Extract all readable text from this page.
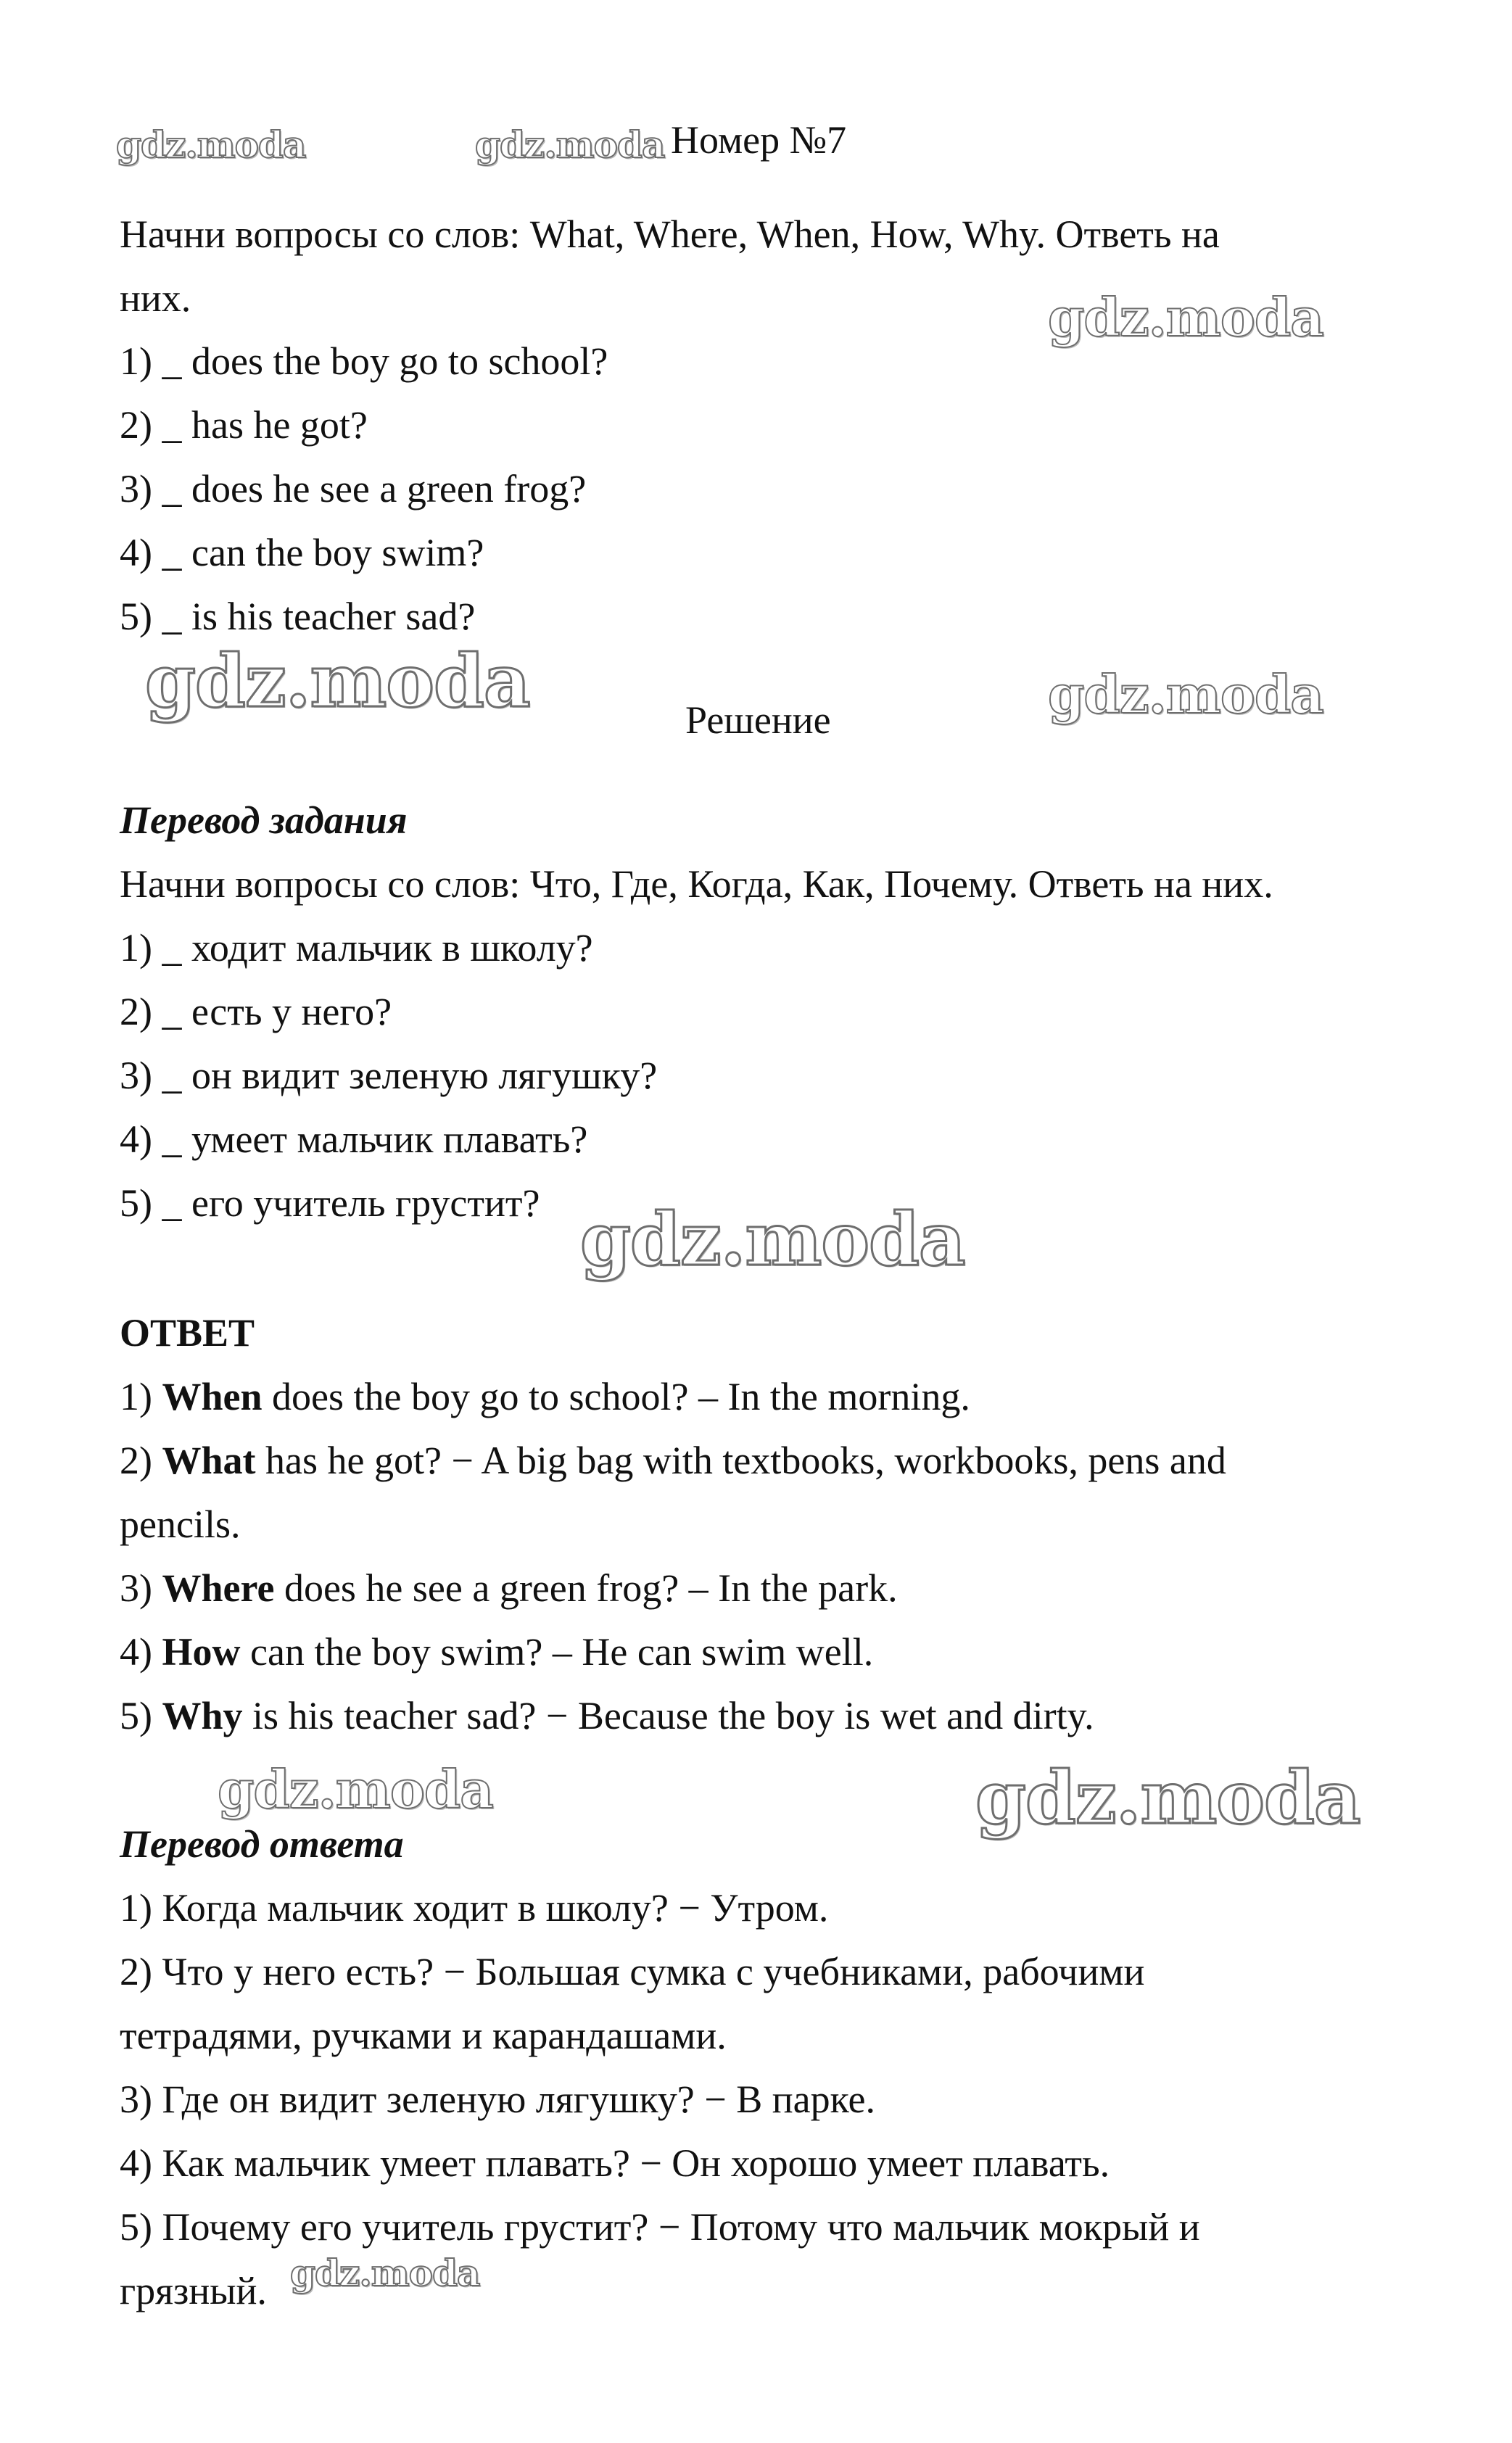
gdz.moda	gdz.moda Номер №7
Начни вопросы со слов: What, Where, When, How, Why. Ответь на
них.	gdz.moda
1) _ does the boy go to school?
2) _ has he got?
3) _ does he see a green frog?
4) _ can the boy swim?
5) _ is his teacher sad?
gdz.moda	Решение	gdz.moda
Перевод задания
Начни вопросы со слов: Что, Где, Когда, Как, Почему. Ответь на них.
1) _ ходит мальчик в школу?
2) _ есть у него?
3) _ он видит зеленую лягушку?
4) _ умеет мальчик плавать?
5) _ его учитель грустит? gdz.moda
ОТВЕТ
1) When does the boy go to school? – In the morning.
2) What has he got? − A big bag with textbooks, workbooks, pens and
pencils.
3) Where does he see a green frog? – In the park.
4) How can the boy swim? – He can swim well.
5) Why is his teacher sad? − Because the boy is wet and dirty.
gdz.moda	gdz.moda
Перевод ответа
1) Когда мальчик ходит в школу? − Утром.
2) Что у него есть? − Большая сумка с учебниками, рабочими
тетрадями, ручками и карандашами.
3) Где он видит зеленую лягушку? − В парке.
4) Как мальчик умеет плавать? − Он хорошо умеет плавать.
5) Почему его учитель грустит? − Потому что мальчик мокрый и
грязный. gdz.moda
